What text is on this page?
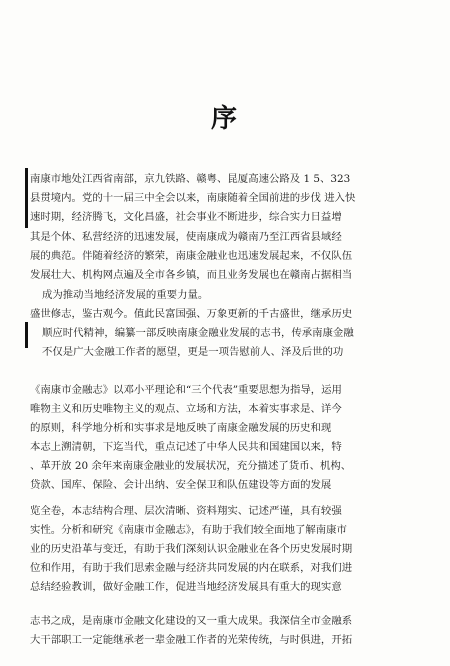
序
南康市地处江西省南部，京九铁路、赣粤、昆厦高速公路及 1 5、323
县贯境内。党的十一届三中全会以来，南康随着全国前进的步伐 进入快
速时期，经济腾飞，文化昌盛，社会事业不断进步，综合实力日益增
其是个体、私营经济的迅速发展，使南康成为赣南乃至江西省县域经
展的典范。伴随着经济的繁荣，南康金融业也迅速发展起来，不仅队伍
发展壮大、机构网点遍及全市各乡镇，而且业务发展也在赣南占据相当
成为推动当地经济发展的重要力量。
盛世修志，鉴古观今。值此民富国强、万象更新的千古盛世，继承历史
顺应时代精神，编纂一部反映南康金融业发展的志书，传承南康金融
不仅是广大金融工作者的愿望，更是一项告慰前人、泽及后世的功
《南康市金融志》以邓小平理论和“三个代表”重要思想为指导，运用
唯物主义和历史唯物主义的观点、立场和方法，本着实事求是、详今
的原则，科学地分析和实事求是地反映了南康金融发展的历史和现
本志上溯清朝，下迄当代，重点记述了中华人民共和国建国以来，特
、革开放 20 余年来南康金融业的发展状况，充分描述了货币、机构、
贷款、国库、保险、会计出纳、安全保卫和队伍建设等方面的发展
览全卷，本志结构合理、层次清晰、资料翔实、记述严谨，具有较强
实性。分析和研究《南康市金融志》，有助于我们较全面地了解南康市
业的历史沿革与变迁，有助于我们深刻认识金融业在各个历史发展时期
位和作用，有助于我们思索金融与经济共同发展的内在联系，对我们进
总结经验教训，做好金融工作，促进当地经济发展具有重大的现实意
志书之成，是南康市金融文化建设的又一重大成果。我深信全市金融系
大干部职工一定能继承老一辈金融工作者的光荣传统，与时俱进，开拓
